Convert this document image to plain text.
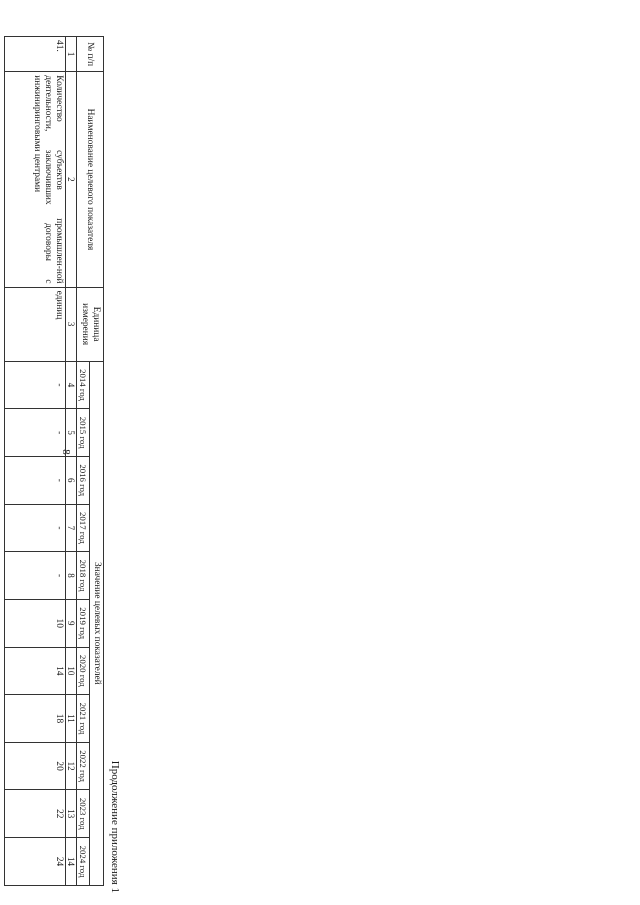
8
Продолжение приложения 1
№ п/п	Наименование целевого показателя	Единица измерения	Значение целевых показателей										
			2014 год	2015 год	2016 год	2017 год	2018 год	2019 год	2020 год	2021 год	2022 год	2023 год	2024 год
1	2	3	4	5	6	7	8	9	10	11	12	13	14
41.	Количество субъектов промышлен-ной деятельности, заключивших договоры с инжиниринговыми центрами	единиц	-	-	-	-	-	10	14	18	20	22	24
